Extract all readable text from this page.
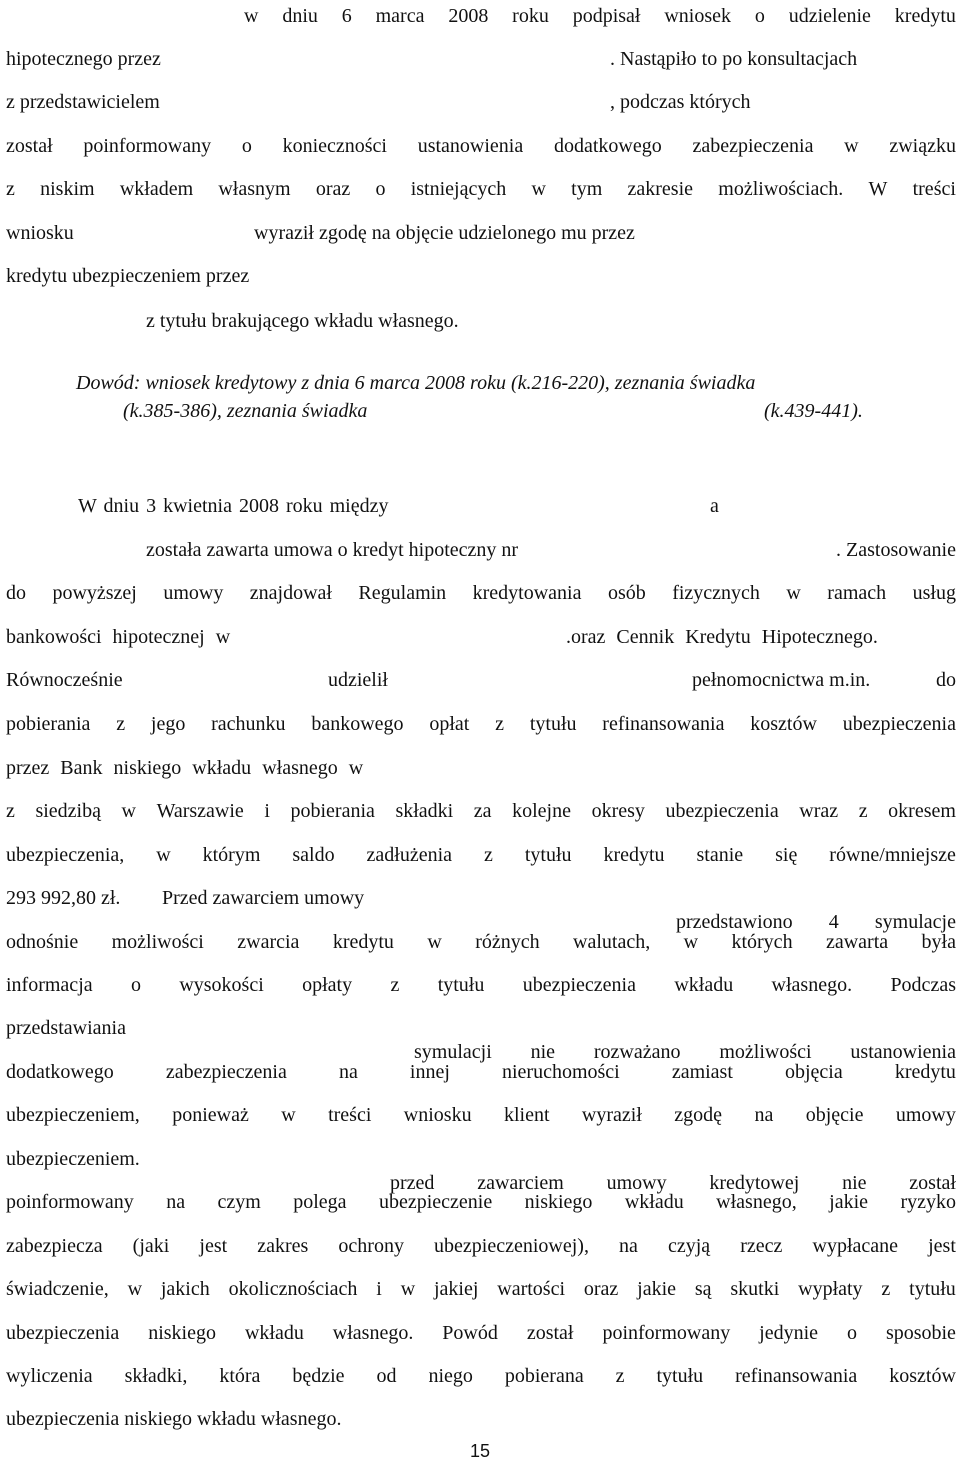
w dniu 6 marca 2008 roku podpisał wniosek o udzielenie kredytu
hipotecznego przez	. Nastąpiło to po konsultacjach
z przedstawicielem	, podczas których
został poinformowany o konieczności ustanowienia dodatkowego zabezpieczenia w związku
z niskim wkładem własnym oraz o istniejących w tym zakresie możliwościach. W treści
wniosku	wyraził zgodę na objęcie udzielonego mu przez
kredytu ubezpieczeniem przez
z tytułu brakującego wkładu własnego.
Dowód: wniosek kredytowy z dnia 6 marca 2008 roku (k.216-220), zeznania świadka
(k.385-386), zeznania świadka	(k.439-441).
W dniu 3 kwietnia 2008 roku między	a
została zawarta umowa o kredyt hipoteczny nr	. Zastosowanie
do powyższej umowy znajdował Regulamin kredytowania osób fizycznych w ramach usług
bankowości hipotecznej w	.oraz Cennik Kredytu Hipotecznego.
Równocześnie	udzielił	pełnomocnictwa m.in.	do
pobierania z jego rachunku bankowego opłat z tytułu refinansowania kosztów ubezpieczenia
przez Bank niskiego wkładu własnego w
z siedzibą w Warszawie i pobierania składki za kolejne okresy ubezpieczenia wraz z okresem
ubezpieczenia, w którym saldo zadłużenia z tytułu kredytu stanie się równe/mniejsze
293 992,80 zł. Przed zawarciem umowy
przedstawiono 4 symulacje
odnośnie możliwości zwarcia kredytu w różnych walutach, w których zawarta była
informacja o wysokości opłaty z tytułu ubezpieczenia wkładu własnego. Podczas
przedstawiania
symulacji nie rozważano możliwości ustanowienia
dodatkowego	zabezpieczenia	na	innej	nieruchomości	zamiast	objęcia	kredytu
ubezpieczeniem, ponieważ w treści wniosku klient wyraził zgodę na objęcie umowy
ubezpieczeniem.
przed zawarciem umowy kredytowej nie został
poinformowany na czym polega ubezpieczenie niskiego wkładu własnego, jakie ryzyko
zabezpiecza (jaki jest zakres ochrony ubezpieczeniowej), na czyją rzecz wypłacane jest
świadczenie, w jakich okolicznościach i w jakiej wartości oraz jakie są skutki wypłaty z tytułu
ubezpieczenia niskiego wkładu własnego. Powód został poinformowany jedynie o sposobie
wyliczenia składki, która będzie od niego pobierana z tytułu refinansowania kosztów
ubezpieczenia niskiego wkładu własnego.
15
